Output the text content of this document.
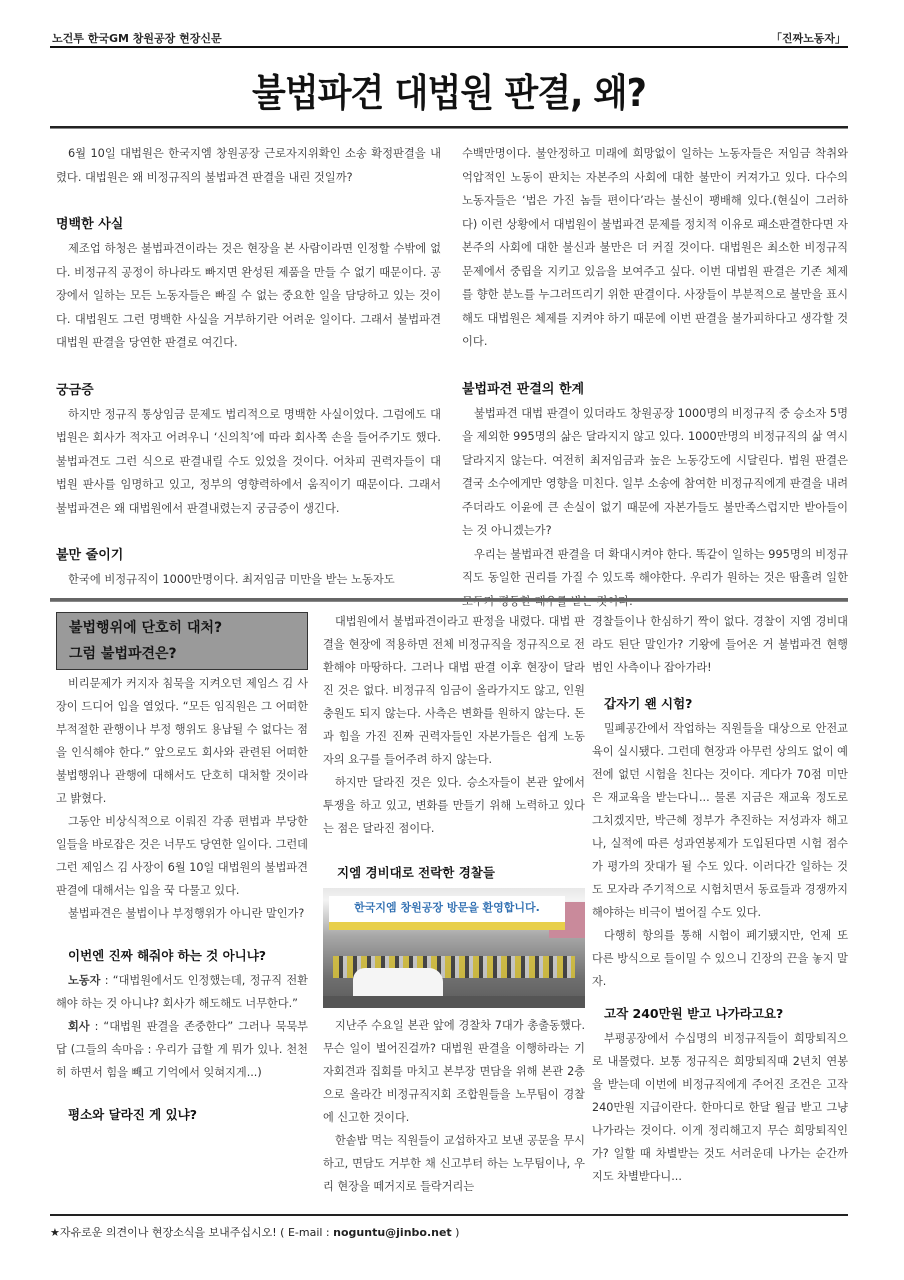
노건투 한국GM 창원공장 현장신문	「진짜노동자」
불법파견 대법원 판결, 왜?

6월 10일 대법원은 한국지엠 창원공장 근로자지위확인 소송 확정판결을 내렸다. 대법원은 왜 비정규직의 불법파견 판결을 내린 것일까?

명백한 사실

제조업 하청은 불법파견이라는 것은 현장을 본 사람이라면 인정할 수밖에 없다. 비정규직 공정이 하나라도 빠지면 완성된 제품을 만들 수 없기 때문이다. 공장에서 일하는 모든 노동자들은 빠질 수 없는 중요한 일을 담당하고 있는 것이다. 대법원도 그런 명백한 사실을 거부하기란 어려운 일이다. 그래서 불법파견 대법원 판결을 당연한 판결로 여긴다.

궁금증

하지만 정규직 통상임금 문제도 법리적으로 명백한 사실이었다. 그럼에도 대법원은 회사가 적자고 어려우니 ‘신의칙’에 따라 회사쪽 손을 들어주기도 했다. 불법파견도 그런 식으로 판결내릴 수도 있었을 것이다. 어차피 권력자들이 대법원 판사를 임명하고 있고, 정부의 영향력하에서 움직이기 때문이다. 그래서 불법파견은 왜 대법원에서 판결내렸는지 궁금증이 생긴다.

불만 줄이기

한국에 비정규직이 1000만명이다. 최저임금 미만을 받는 노동자도

수백만명이다. 불안정하고 미래에 희망없이 일하는 노동자들은 저임금 착취와 억압적인 노동이 판치는 자본주의 사회에 대한 불만이 커져가고 있다. 다수의 노동자들은 ‘법은 가진 놈들 편이다’라는 불신이 팽배해 있다.(현실이 그러하다) 이런 상황에서 대법원이 불법파견 문제를 정치적 이유로 패소판결한다면 자본주의 사회에 대한 불신과 불만은 더 커질 것이다. 대법원은 최소한 비정규직 문제에서 중립을 지키고 있음을 보여주고 싶다. 이번 대법원 판결은 기존 체제를 향한 분노를 누그러뜨리기 위한 판결이다. 사장들이 부분적으로 불만을 표시해도 대법원은 체제를 지켜야 하기 때문에 이번 판결을 불가피하다고 생각할 것이다.

불법파견 판결의 한계

불법파견 대법 판결이 있더라도 창원공장 1000명의 비정규직 중 승소자 5명을 제외한 995명의 삶은 달라지지 않고 있다. 1000만명의 비정규직의 삶 역시 달라지지 않는다. 여전히 최저임금과 높은 노동강도에 시달린다. 법원 판결은 결국 소수에게만 영향을 미친다. 일부 소송에 참여한 비정규직에게 판결을 내려주더라도 이윤에 큰 손실이 없기 때문에 자본가들도 불만족스럽지만 받아들이는 것 아니겠는가?

우리는 불법파견 판결을 더 확대시켜야 한다. 똑같이 일하는 995명의 비정규직도 동일한 권리를 가질 수 있도록 해야한다. 우리가 원하는 것은 땀흘려 일한

불법행위에 단호히 대처?
그럼 불법파견은?

비리문제가 커지자 침묵을 지켜오던 제임스 김 사장이 드디어 입을 열었다. “모든 임직원은 그 어떠한 부적절한 관행이나 부정 행위도 용납될 수 없다는 점을 인식해야 한다.” 앞으로도 회사와 관련된 어떠한 불법행위나 관행에 대해서도 단호히 대처할 것이라고 밝혔다.

그동안 비상식적으로 이뤄진 각종 편법과 부당한 일들을 바로잡은 것은 너무도 당연한 일이다. 그런데 그런 제임스 김 사장이 6월 10일 대법원의 불법파견 판결에 대해서는 입을 꾹 다물고 있다.

불법파견은 불법이나 부정행위가 아니란 말인가?

이번엔 진짜 해줘야 하는 것 아니냐?

노동자 : “대법원에서도 인정했는데, 정규직 전환해야 하는 것 아니냐? 회사가 해도해도 너무한다.”

회사 : “대법원 판결을 존중한다” 그러나 묵묵부답 (그들의 속마음 : 우리가 급할 게 뭐가 있나. 천천히 하면서 힘을 빼고 기억에서 잊혀지게...)

평소와 달라진 게 있냐?

대법원에서 불법파견이라고 판정을 내렸다. 대법 판결을 현장에 적용하면 전체 비정규직을 정규직으로 전환해야 마땅하다. 그러나 대법 판결 이후 현장이 달라진 것은 없다. 비정규직 임금이 올라가지도 않고, 인원충원도 되지 않는다. 사측은 변화를 원하지 않는다. 돈과 힘을 가진 진짜 권력자들인 자본가들은 쉽게 노동자의 요구를 들어주려 하지 않는다.

하지만 달라진 것은 있다. 승소자들이 본관 앞에서 투쟁을 하고 있고, 변화를 만들기 위해 노력하고 있다는 점은 달라진 점이다.

지엠 경비대로 전락한 경찰들
한국지엠 창원공장 방문을 환영합니다.

지난주 수요일 본관 앞에 경찰차 7대가 총출동했다. 무슨 일이 벌어진걸까? 대법원 판결을 이행하라는 기자회견과 집회를 마치고 본부장 면담을 위해 본관 2층으로 올라간 비정규직지회 조합원들을 노무팀이 경찰에 신고한 것이다.

한솥밥 먹는 직원들이 교섭하자고 보낸 공문을 무시하고, 면담도 거부한 채 신고부터 하는 노무팀이나, 우리 현장을 떼거지로 들락거리는

경찰들이나 한심하기 짝이 없다. 경찰이 지엠 경비대라도 된단 말인가? 기왕에 들어온 거 불법파견 현행범인 사측이나 잡아가라!

갑자기 왠 시험?

밀폐공간에서 작업하는 직원들을 대상으로 안전교육이 실시됐다. 그런데 현장과 아무런 상의도 없이 예전에 없던 시험을 친다는 것이다. 게다가 70점 미만은 재교육을 받는다니... 물론 지금은 재교육 정도로 그치겠지만, 박근혜 정부가 추진하는 저성과자 해고나, 실적에 따른 성과연봉제가 도입된다면 시험 점수가 평가의 잣대가 될 수도 있다. 이러다간 일하는 것도 모자라 주기적으로 시험치면서 동료들과 경쟁까지 해야하는 비극이 벌어질 수도 있다.

다행히 항의를 통해 시험이 폐기됐지만, 언제 또 다른 방식으로 들이밀 수 있으니 긴장의 끈을 놓지 말자.

고작 240만원 받고 나가라고요?

부평공장에서 수십명의 비정규직들이 희망퇴직으로 내몰렸다. 보통 정규직은 희망퇴직때 2년치 연봉을 받는데 이번에 비정규직에게 주어진 조건은 고작 240만원 지급이란다. 한마디로 한달 월급 받고 그냥 나가라는 것이다. 이게 정리해고지 무슨 희망퇴직인가? 일할 때 차별받는 것도 서러운데 나가는 순간까지도 차별받다니...

★자유로운 의견이나 현장소식을 보내주십시오! ( E-mail : noguntu@jinbo.net )
